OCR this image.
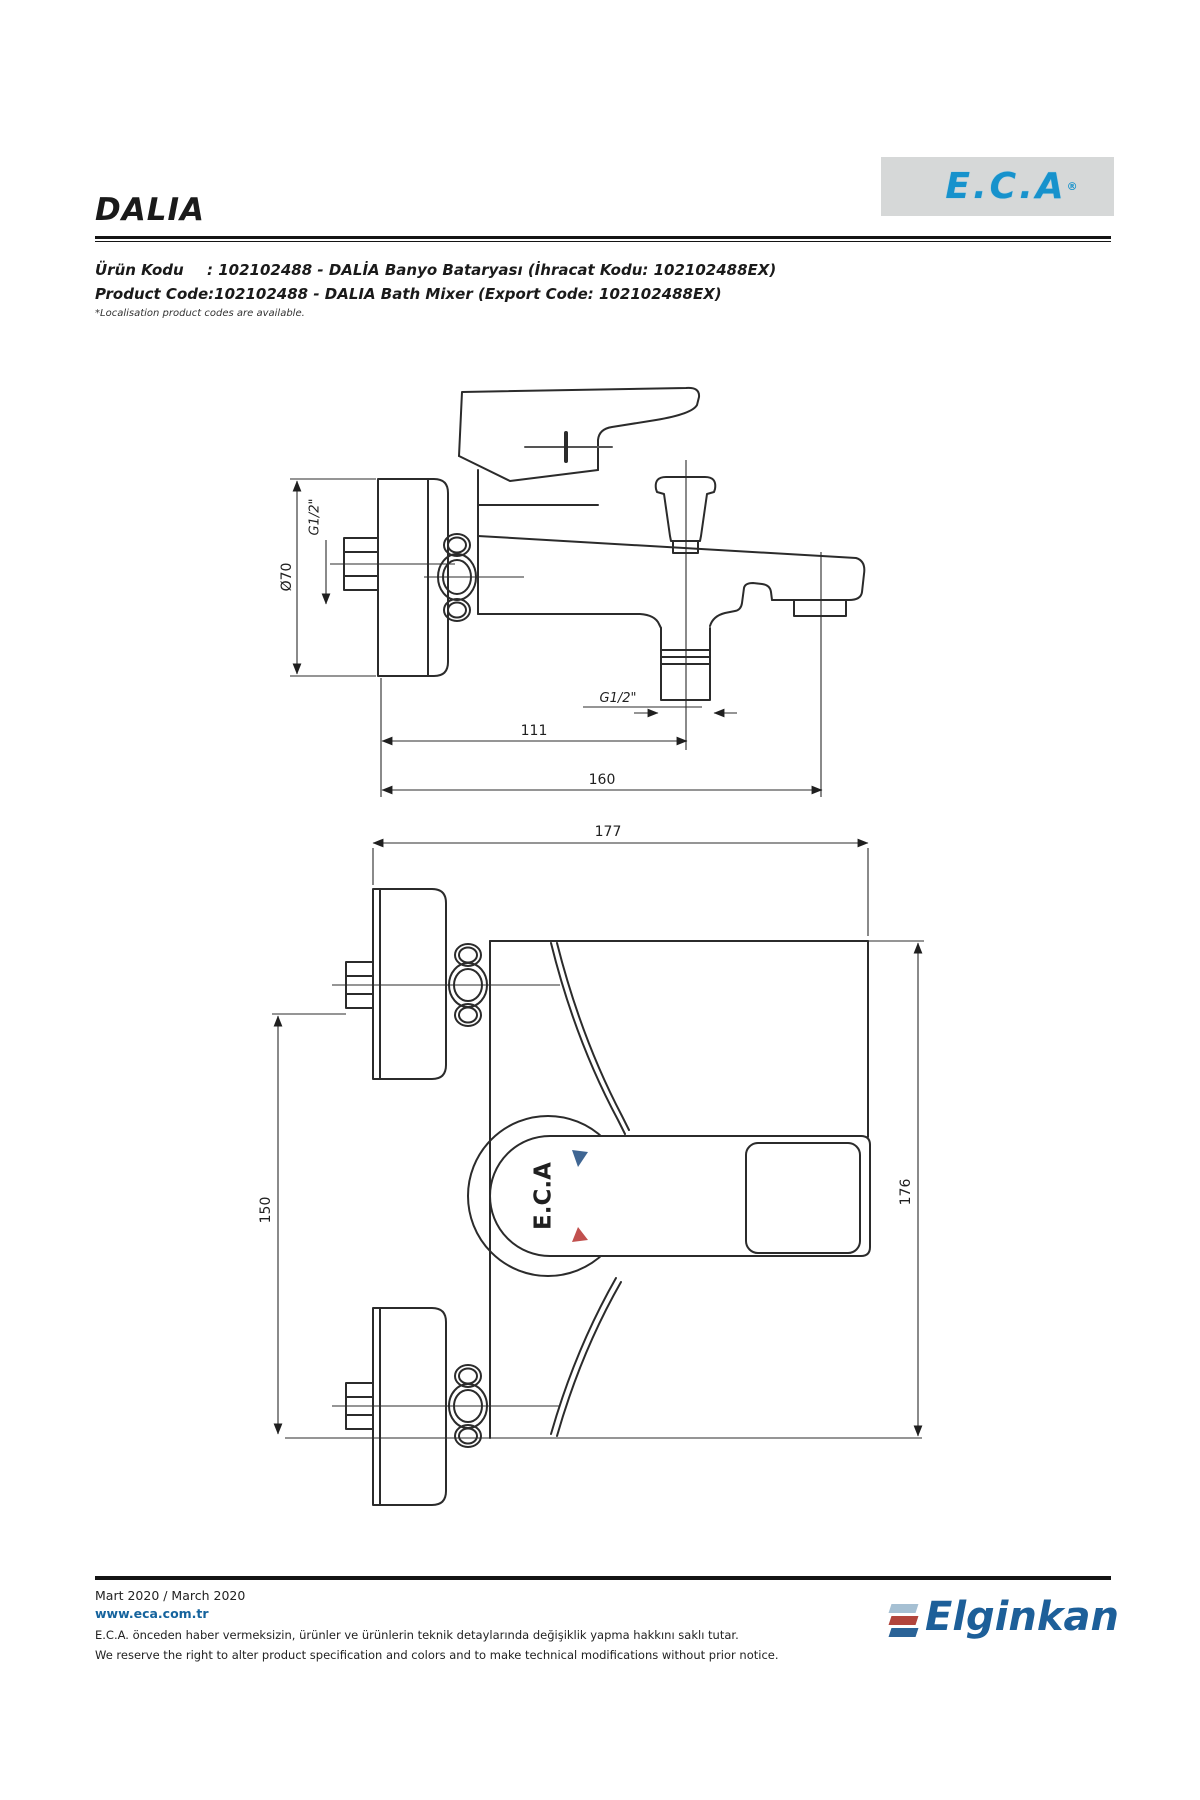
DALIA
E.C.A ®
Ürün Kodu	: 102102488 - DALİA Banyo Bataryası (İhracat Kodu: 102102488EX)
Product Code: 102102488 - DALIA Bath Mixer (Export Code: 102102488EX)
*Localisation product codes are available.
Ø70
G1/2"
G1/2"
111
160
177
150
176
E.C.A
Mart 2020 / March 2020
www.eca.com.tr
E.C.A. önceden haber vermeksizin, ürünler ve ürünlerin teknik detaylarında değişiklik yapma hakkını saklı tutar.
We reserve the right to alter product specification and colors and to make technical modifications without prior notice.
Elginkan
